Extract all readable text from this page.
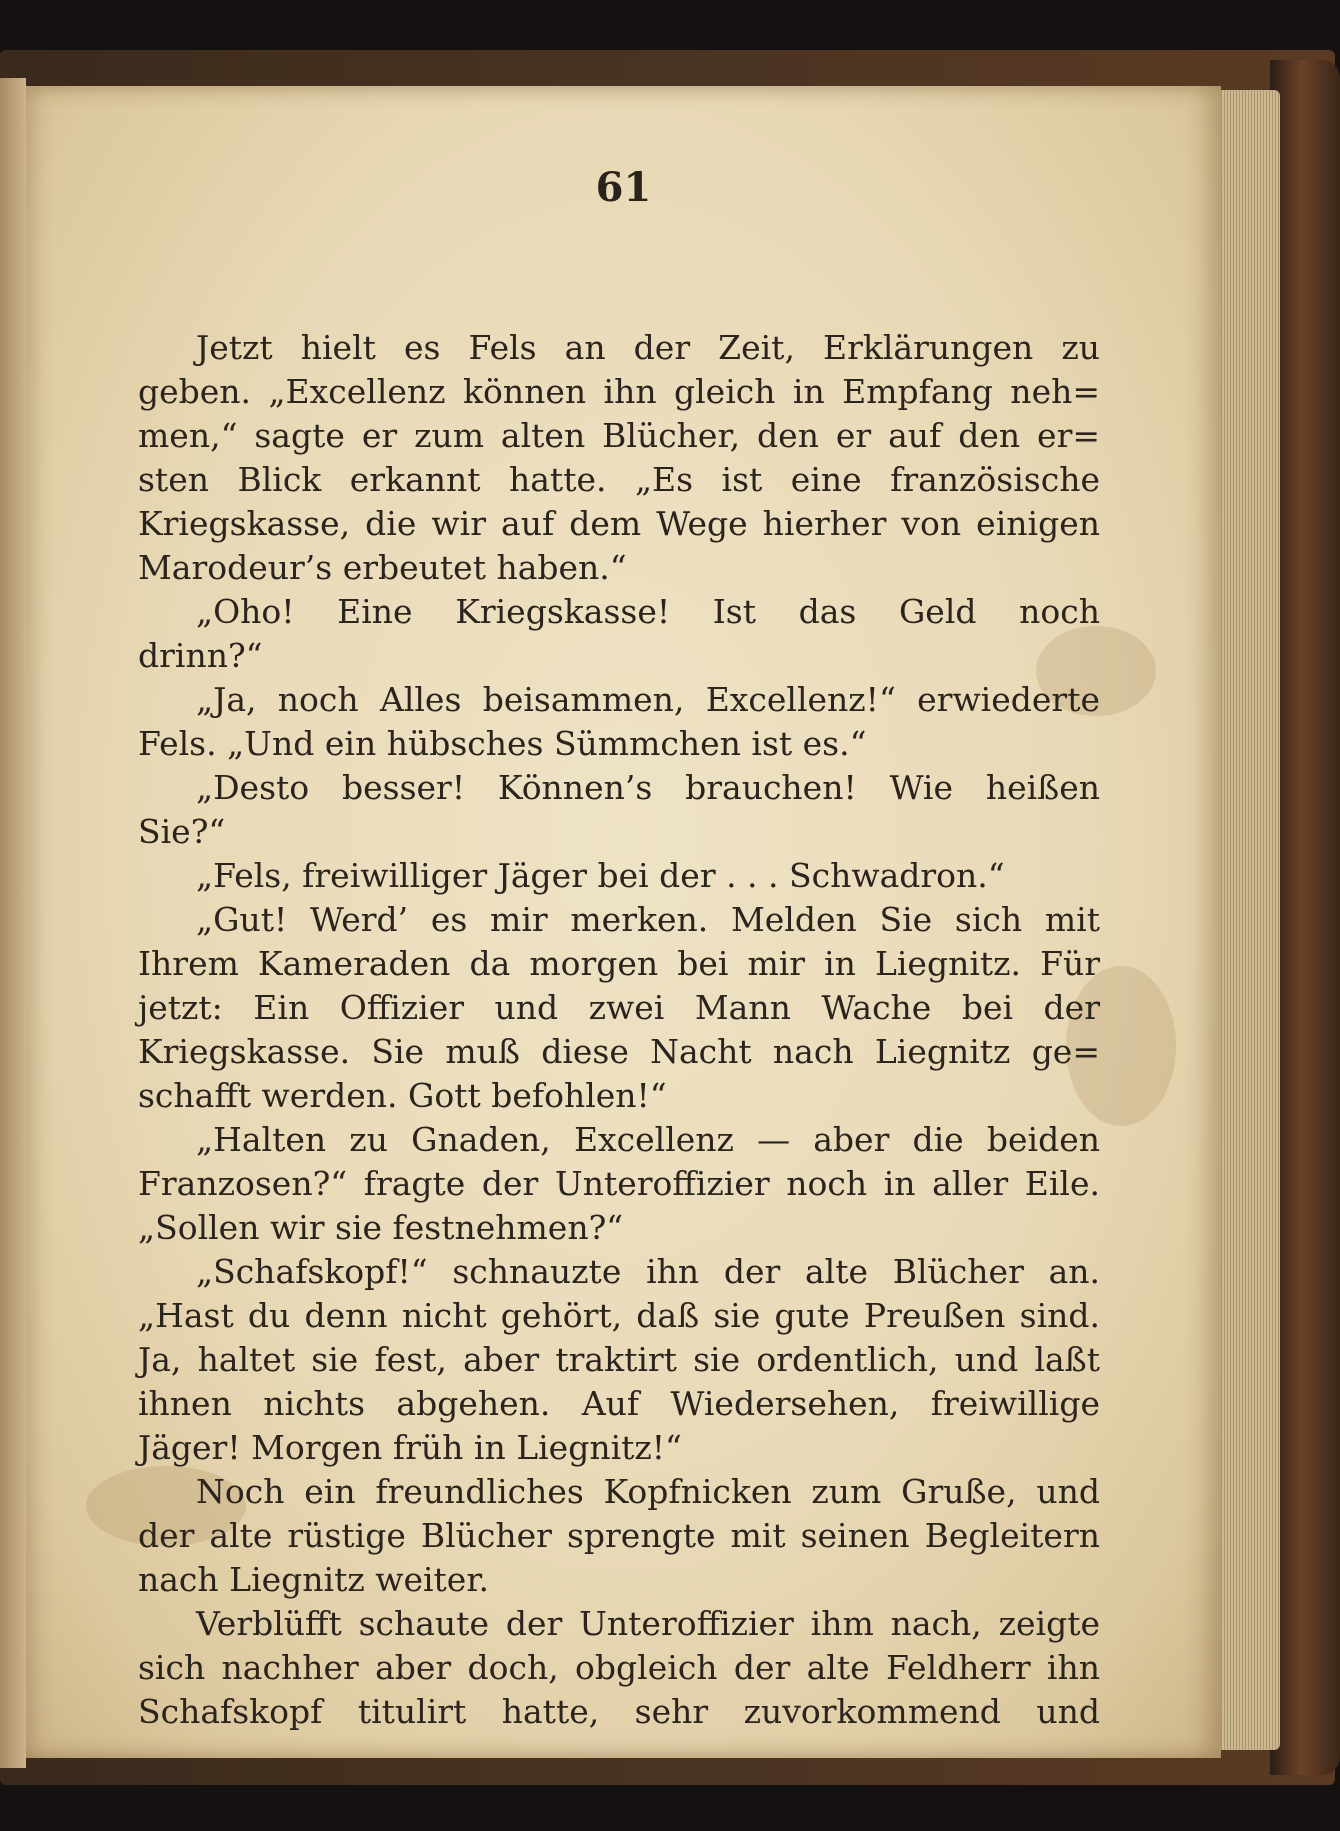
61
Jetzt hielt es Fels an der Zeit, Erklärungen zu
geben. „Excellenz können ihn gleich in Empfang neh=
men,“ sagte er zum alten Blücher, den er auf den er=
sten Blick erkannt hatte. „Es ist eine französische
Kriegskasse, die wir auf dem Wege hierher von einigen
Marodeur’s erbeutet haben.“
„Oho! Eine Kriegskasse! Ist das Geld noch
drinn?“
„Ja, noch Alles beisammen, Excellenz!“ erwiederte
Fels. „Und ein hübsches Sümmchen ist es.“
„Desto besser! Können’s brauchen! Wie heißen
Sie?“
„Fels, freiwilliger Jäger bei der . . . Schwadron.“
„Gut! Werd’ es mir merken. Melden Sie sich mit
Ihrem Kameraden da morgen bei mir in Liegnitz. Für
jetzt: Ein Offizier und zwei Mann Wache bei der
Kriegskasse. Sie muß diese Nacht nach Liegnitz ge=
schafft werden. Gott befohlen!“
„Halten zu Gnaden, Excellenz — aber die beiden
Franzosen?“ fragte der Unteroffizier noch in aller Eile.
„Sollen wir sie festnehmen?“
„Schafskopf!“ schnauzte ihn der alte Blücher an.
„Hast du denn nicht gehört, daß sie gute Preußen sind.
Ja, haltet sie fest, aber traktirt sie ordentlich, und laßt
ihnen nichts abgehen. Auf Wiedersehen, freiwillige
Jäger! Morgen früh in Liegnitz!“
Noch ein freundliches Kopfnicken zum Gruße, und
der alte rüstige Blücher sprengte mit seinen Begleitern
nach Liegnitz weiter.
Verblüfft schaute der Unteroffizier ihm nach, zeigte
sich nachher aber doch, obgleich der alte Feldherr ihn
Schafskopf titulirt hatte, sehr zuvorkommend und
